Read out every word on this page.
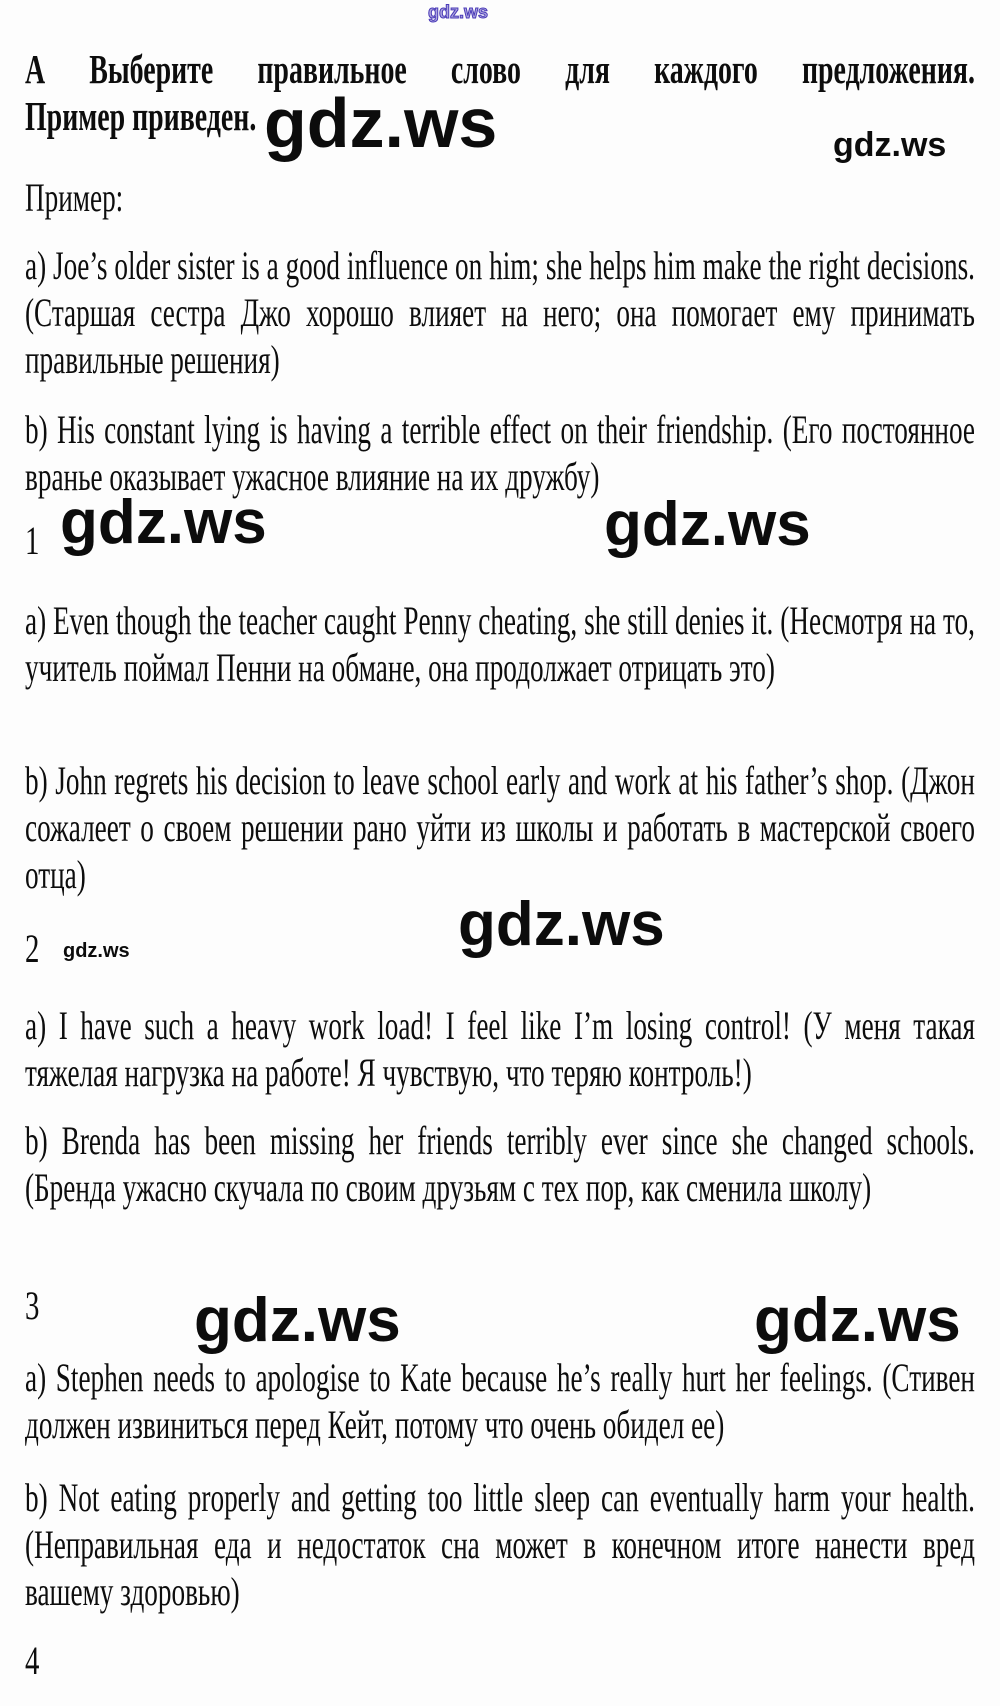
gdz.ws
А Выберите правильное слово для каждого предложения.
Пример приведен. gdz.ws	gdz.ws
Пример:
a) Joe’s older sister is a good influence on him; she helps him make the right decisions. (Старшая сестра Джо хорошо влияет на него; она помогает ему принимать правильные решения)
b) His constant lying is having a terrible effect on their friendship. (Его постоянное вранье оказывает ужасное влияние на их дружбу)
1 gdz.ws	gdz.ws
a) Even though the teacher caught Penny cheating, she still denies it. (Несмотря на то, учитель поймал Пенни на обмане, она продолжает отрицать это)
b) John regrets his decision to leave school early and work at his father’s shop. (Джон сожалеет о своем решении рано уйти из школы и работать в мастерской своего отца)
gdz.ws
2 gdz.ws
a) I have such a heavy work load! I feel like I’m losing control! (У меня такая тяжелая нагрузка на работе! Я чувствую, что теряю контроль!)
b) Brenda has been missing her friends terribly ever since she changed schools. (Бренда ужасно скучала по своим друзьям с тех пор, как сменила школу)
3 gdz.ws	gdz.ws
a) Stephen needs to apologise to Kate because he’s really hurt her feelings. (Стивен должен извиниться перед Кейт, потому что очень обидел ее)
b) Not eating properly and getting too little sleep can eventually harm your health. (Неправильная еда и недостаток сна может в конечном итоге нанести вред вашему здоровью)
4
